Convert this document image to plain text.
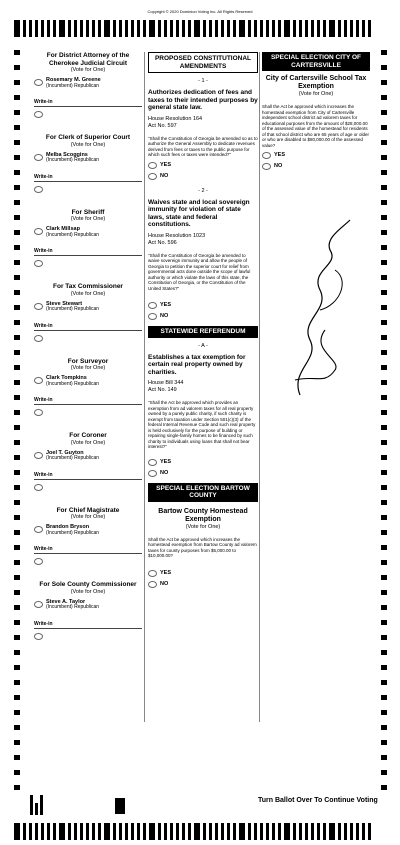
Copyright © 2020 Dominion Voting Inc. All Rights Reserved
For District Attorney of the Cherokee Judicial Circuit
(Vote for One)
Rosemary M. Greene
(Incumbent) Republican
Write-in
For Clerk of Superior Court
(Vote for One)
Melba Scoggins
(Incumbent) Republican
Write-in
For Sheriff
(Vote for One)
Clark Millsap
(Incumbent) Republican
Write-in
For Tax Commissioner
(Vote for One)
Steve Stewart
(Incumbent) Republican
Write-in
For Surveyor
(Vote for One)
Clark Tompkins
(Incumbent) Republican
Write-in
For Coroner
(Vote for One)
Joel T. Guyton
(Incumbent) Republican
Write-in
For Chief Magistrate
(Vote for One)
Brandon Bryson
(Incumbent) Republican
Write-in
For Sole County Commissioner
(Vote for One)
Steve A. Taylor
(Incumbent) Republican
Write-in
PROPOSED CONSTITUTIONAL AMENDMENTS
- 1 -
Authorizes dedication of fees and taxes to their intended purposes by general state law.
House Resolution 164
Act No. 597
"Shall the Constitution of Georgia be amended so as to authorize the General Assembly to dedicate revenues derived from fees or taxes to the public purpose for which such fees or taxes were intended?"
YES
NO
- 2 -
Waives state and local sovereign immunity for violation of state laws, state and federal constitutions.
House Resolution 1023
Act No. 596
"Shall the Constitution of Georgia be amended to waive sovereign immunity and allow the people of Georgia to petition the superior court for relief from governmental acts done outside the scope of lawful authority or which violate the laws of this state, the Constitution of Georgia, or the Constitution of the United States?"
YES
NO
STATEWIDE REFERENDUM
- A -
Establishes a tax exemption for certain real property owned by charities.
House Bill 344
Act No. 149
"Shall the Act be approved which provides an exemption from ad valorem taxes for all real property owned by a purely public charity, if such charity is exempt from taxation under Section 501(c)(3) of the federal Internal Revenue Code and such real property is held exclusively for the purpose of building or repairing single-family homes to be financed by such charity to individuals using loans that shall not bear interest?"
YES
NO
SPECIAL ELECTION BARTOW COUNTY
Bartow County Homestead Exemption
(Vote for One)
Shall the Act be approved which increases the homestead exemption from Bartow County ad valorem taxes for county purposes from $5,000.00 to $10,000.00?
YES
NO
SPECIAL ELECTION CITY OF CARTERSVILLE
City of Cartersville School Tax Exemption
(Vote for One)
Shall the Act be approved which increases the homestead exemption from City of Cartersville independent school district ad valorem taxes for educational purposes from the amount of $28,000.00 of the assessed value of the homestead for residents of that school district who are 65 years of age or older or who are disabled to $80,000.00 of the assessed value?
YES
NO
Turn Ballot Over To Continue Voting
